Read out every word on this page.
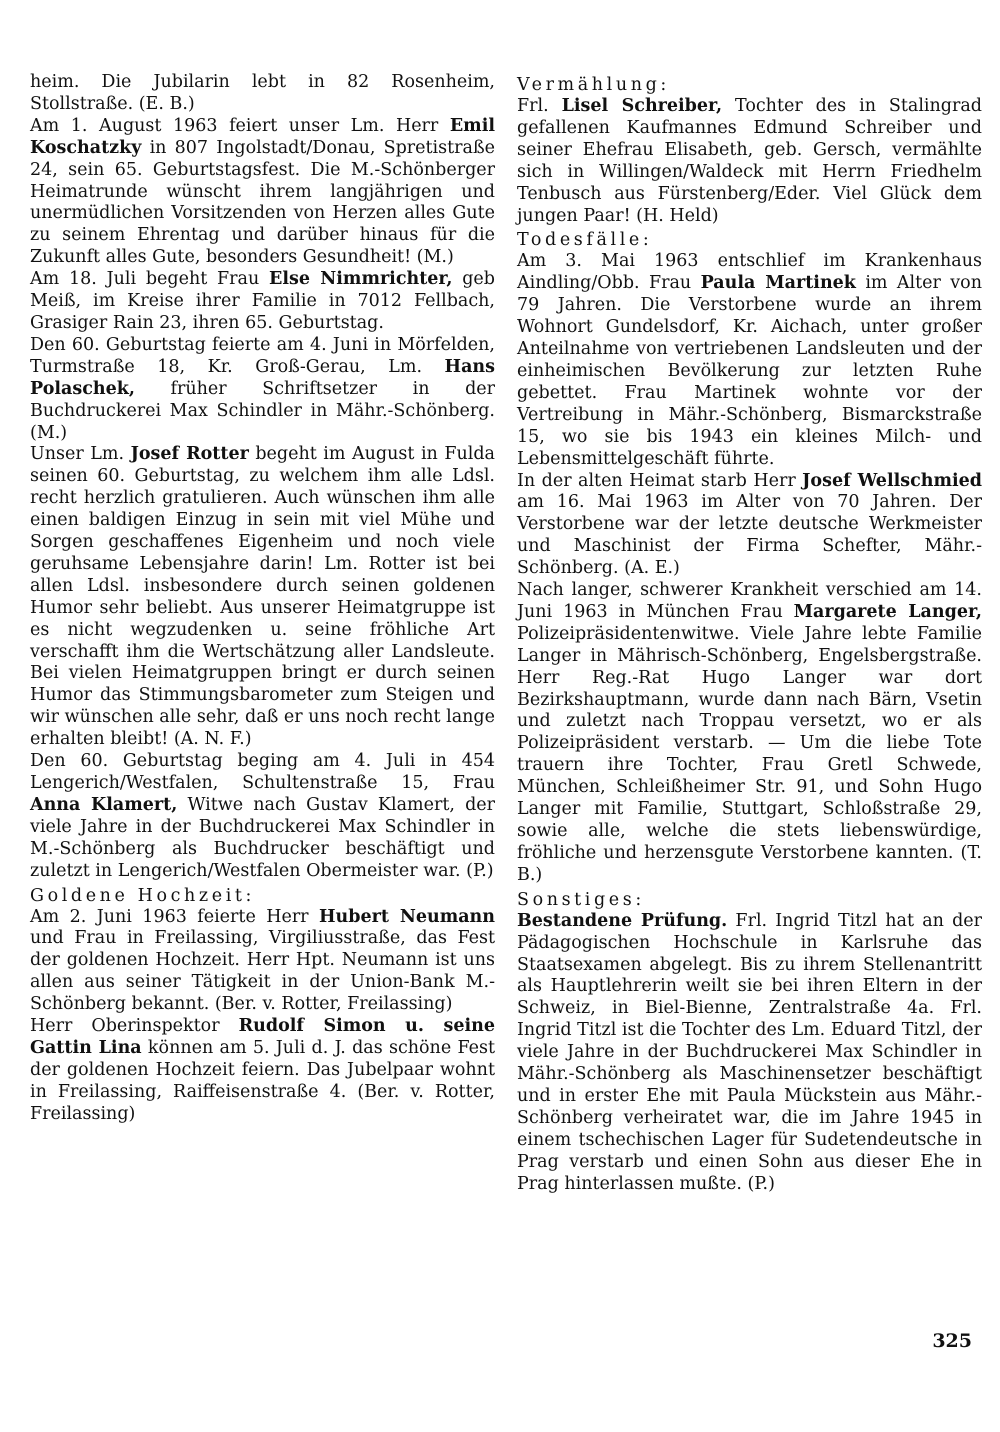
heim. Die Jubilarin lebt in 82 Rosenheim, Stollstraße. (E. B.)

Am 1. August 1963 feiert unser Lm. Herr Emil Koschatzky in 807 Ingolstadt/Donau, Spretistraße 24, sein 65. Geburtstagsfest. Die M.-Schönberger Heimatrunde wünscht ihrem langjährigen und unermüdlichen Vorsitzenden von Herzen alles Gute zu seinem Ehrentag und darüber hinaus für die Zukunft alles Gute, besonders Gesundheit! (M.)

Am 18. Juli begeht Frau Else Nimmrichter, geb Meiß, im Kreise ihrer Familie in 7012 Fellbach, Grasiger Rain 23, ihren 65. Geburtstag.

Den 60. Geburtstag feierte am 4. Juni in Mörfelden, Turmstraße 18, Kr. Groß-Gerau, Lm. Hans Polaschek, früher Schriftsetzer in der Buchdruckerei Max Schindler in Mähr.-Schönberg. (M.)

Unser Lm. Josef Rotter begeht im August in Fulda seinen 60. Geburtstag, zu welchem ihm alle Ldsl. recht herzlich gratulieren. Auch wünschen ihm alle einen baldigen Einzug in sein mit viel Mühe und Sorgen geschaffenes Eigenheim und noch viele geruhsame Lebensjahre darin! Lm. Rotter ist bei allen Ldsl. insbesondere durch seinen goldenen Humor sehr beliebt. Aus unserer Heimatgruppe ist es nicht wegzudenken u. seine fröhliche Art verschafft ihm die Wertschätzung aller Landsleute. Bei vielen Heimatgruppen bringt er durch seinen Humor das Stimmungsbarometer zum Steigen und wir wünschen alle sehr, daß er uns noch recht lange erhalten bleibt! (A. N. F.)

Den 60. Geburtstag beging am 4. Juli in 454 Lengerich/Westfalen, Schultenstraße 15, Frau Anna Klamert, Witwe nach Gustav Klamert, der viele Jahre in der Buchdruckerei Max Schindler in M.-Schönberg als Buchdrucker beschäftigt und zuletzt in Lengerich/Westfalen Obermeister war. (P.)

Goldene Hochzeit:

Am 2. Juni 1963 feierte Herr Hubert Neumann und Frau in Freilassing, Virgiliusstraße, das Fest der goldenen Hochzeit. Herr Hpt. Neumann ist uns allen aus seiner Tätigkeit in der Union-Bank M.-Schönberg bekannt. (Ber. v. Rotter, Freilassing)

Herr Oberinspektor Rudolf Simon u. seine Gattin Lina können am 5. Juli d. J. das schöne Fest der goldenen Hochzeit feiern. Das Jubelpaar wohnt in Freilassing, Raiffeisenstraße 4. (Ber. v. Rotter, Freilassing)

Vermählung:

Frl. Lisel Schreiber, Tochter des in Stalingrad gefallenen Kaufmannes Edmund Schreiber und seiner Ehefrau Elisabeth, geb. Gersch, vermählte sich in Willingen/Waldeck mit Herrn Friedhelm Tenbusch aus Fürstenberg/Eder. Viel Glück dem jungen Paar! (H. Held)

Todesfälle:

Am 3. Mai 1963 entschlief im Krankenhaus Aindling/Obb. Frau Paula Martinek im Alter von 79 Jahren. Die Verstorbene wurde an ihrem Wohnort Gundelsdorf, Kr. Aichach, unter großer Anteilnahme von vertriebenen Landsleuten und der einheimischen Bevölkerung zur letzten Ruhe gebettet. Frau Martinek wohnte vor der Vertreibung in Mähr.-Schönberg, Bismarckstraße 15, wo sie bis 1943 ein kleines Milch- und Lebensmittelgeschäft führte.

In der alten Heimat starb Herr Josef Wellschmied am 16. Mai 1963 im Alter von 70 Jahren. Der Verstorbene war der letzte deutsche Werkmeister und Maschinist der Firma Schefter, Mähr.-Schönberg. (A. E.)

Nach langer, schwerer Krankheit verschied am 14. Juni 1963 in München Frau Margarete Langer, Polizeipräsidentenwitwe. Viele Jahre lebte Familie Langer in Mährisch-Schönberg, Engelsbergstraße. Herr Reg.-Rat Hugo Langer war dort Bezirkshauptmann, wurde dann nach Bärn, Vsetin und zuletzt nach Troppau versetzt, wo er als Polizeipräsident verstarb. — Um die liebe Tote trauern ihre Tochter, Frau Gretl Schwede, München, Schleißheimer Str. 91, und Sohn Hugo Langer mit Familie, Stuttgart, Schloßstraße 29, sowie alle, welche die stets liebenswürdige, fröhliche und herzensgute Verstorbene kannten. (T. B.)

Sonstiges:

Bestandene Prüfung. Frl. Ingrid Titzl hat an der Pädagogischen Hochschule in Karlsruhe das Staatsexamen abgelegt. Bis zu ihrem Stellenantritt als Hauptlehrerin weilt sie bei ihren Eltern in der Schweiz, in Biel-Bienne, Zentralstraße 4a. Frl. Ingrid Titzl ist die Tochter des Lm. Eduard Titzl, der viele Jahre in der Buchdruckerei Max Schindler in Mähr.-Schönberg als Maschinensetzer beschäftigt und in erster Ehe mit Paula Mückstein aus Mähr.-Schönberg verheiratet war, die im Jahre 1945 in einem tschechischen Lager für Sudetendeutsche in Prag verstarb und einen Sohn aus dieser Ehe in Prag hinterlassen mußte. (P.)

325
